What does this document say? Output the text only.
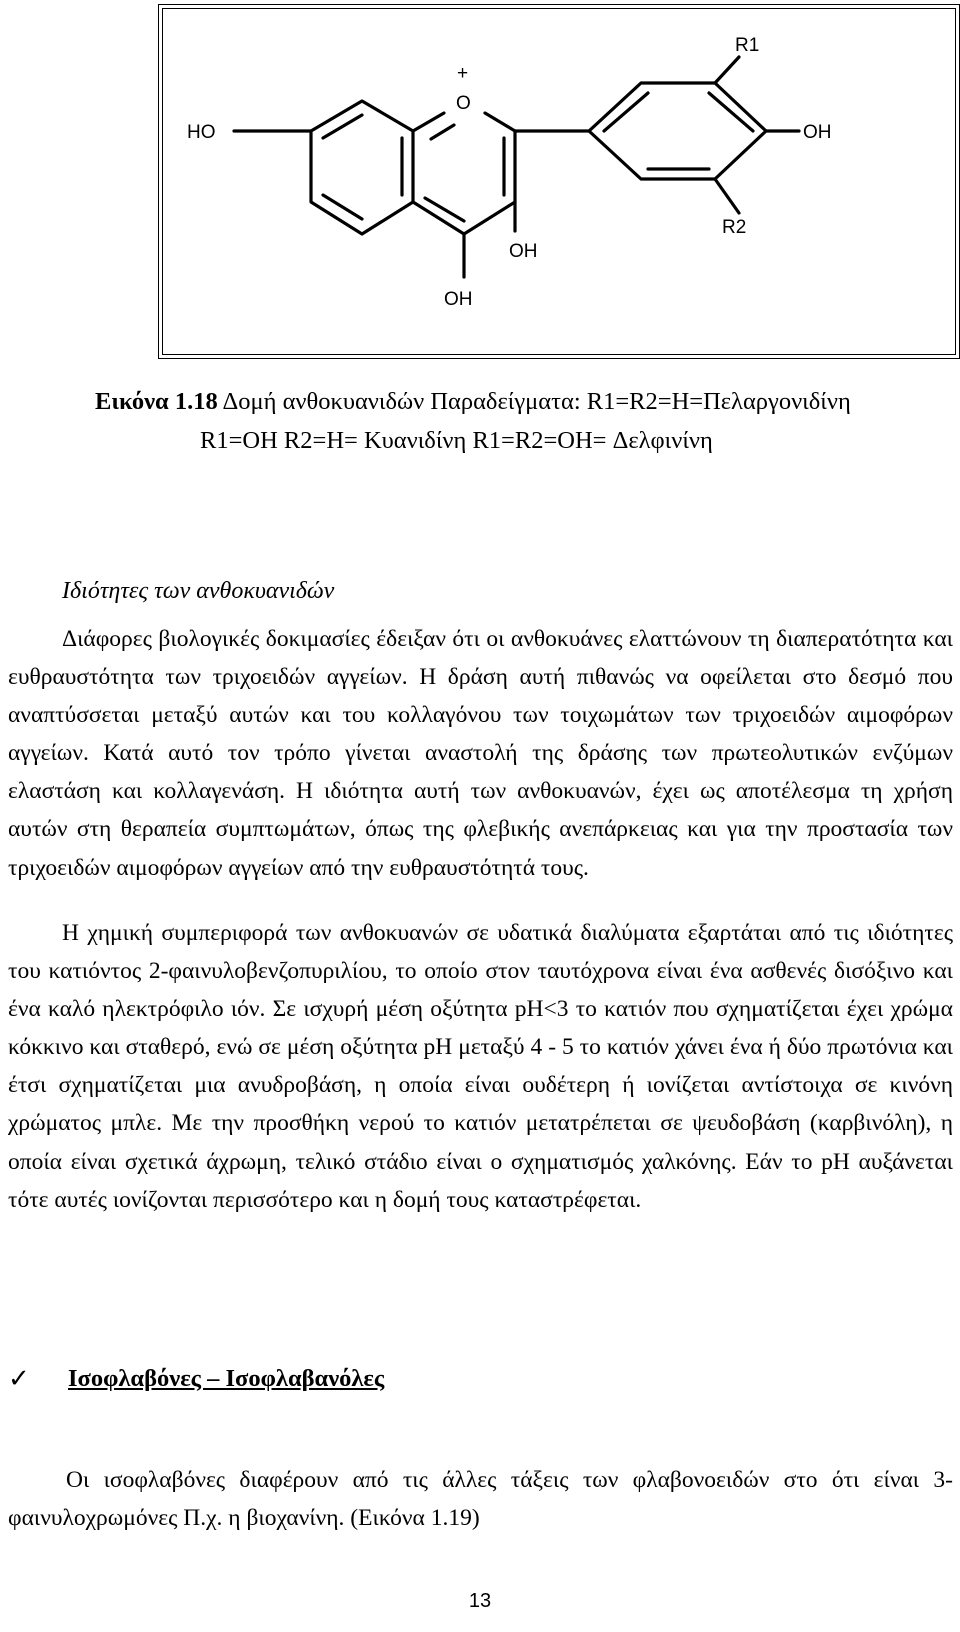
HO
+
O
OH
OH
OH
R1
R2
Εικόνα 1.18 Δομή ανθοκυανιδών Παραδείγματα: R1=R2=H=Πελαργονιδίνη
R1=OH R2=H= Κυανιδίνη R1=R2=OH= Δελφινίνη
Ιδιότητες των ανθοκυανιδών
Διάφορες βιολογικές δοκιμασίες έδειξαν ότι οι ανθοκυάνες ελαττώνουν τη διαπερατότητα και ευθραυστότητα των τριχοειδών αγγείων. Η δράση αυτή πιθανώς να οφείλεται στο δεσμό που αναπτύσσεται μεταξύ αυτών και του κολλαγόνου των τοιχωμάτων των τριχοειδών αιμοφόρων αγγείων. Κατά αυτό τον τρόπο γίνεται αναστολή της δράσης των πρωτεολυτικών ενζύμων ελαστάση και κολλαγενάση. Η ιδιότητα αυτή των ανθοκυανών, έχει ως αποτέλεσμα τη χρήση αυτών στη θεραπεία συμπτωμάτων, όπως της φλεβικής ανεπάρκειας και για την προστασία των τριχοειδών αιμοφόρων αγγείων από την ευθραυστότητά τους.
Η χημική συμπεριφορά των ανθοκυανών σε υδατικά διαλύματα εξαρτάται από τις ιδιότητες του κατιόντος 2-φαινυλοβενζοπυριλίου, το οποίο στον ταυτόχρονα είναι ένα ασθενές δισόξινο και ένα καλό ηλεκτρόφιλο ιόν. Σε ισχυρή μέση οξύτητα pH<3 το κατιόν που σχηματίζεται έχει χρώμα κόκκινο και σταθερό, ενώ σε μέση οξύτητα pH μεταξύ 4 - 5 το κατιόν χάνει ένα ή δύο πρωτόνια και έτσι σχηματίζεται μια ανυδροβάση, η οποία είναι ουδέτερη ή ιονίζεται αντίστοιχα σε κινόνη χρώματος μπλε. Με την προσθήκη νερού το κατιόν μετατρέπεται σε ψευδοβάση (καρβινόλη), η οποία είναι σχετικά άχρωμη, τελικό στάδιο είναι ο σχηματισμός χαλκόνης. Εάν το pH αυξάνεται τότε αυτές ιονίζονται περισσότερο και η δομή τους καταστρέφεται.
✓ Ισοφλαβόνες – Ισοφλαβανόλες
Οι ισοφλαβόνες διαφέρουν από τις άλλες τάξεις των φλαβονοειδών στο ότι είναι 3-φαινυλοχρωμόνες Π.χ. η βιοχανίνη. (Εικόνα 1.19)
13
